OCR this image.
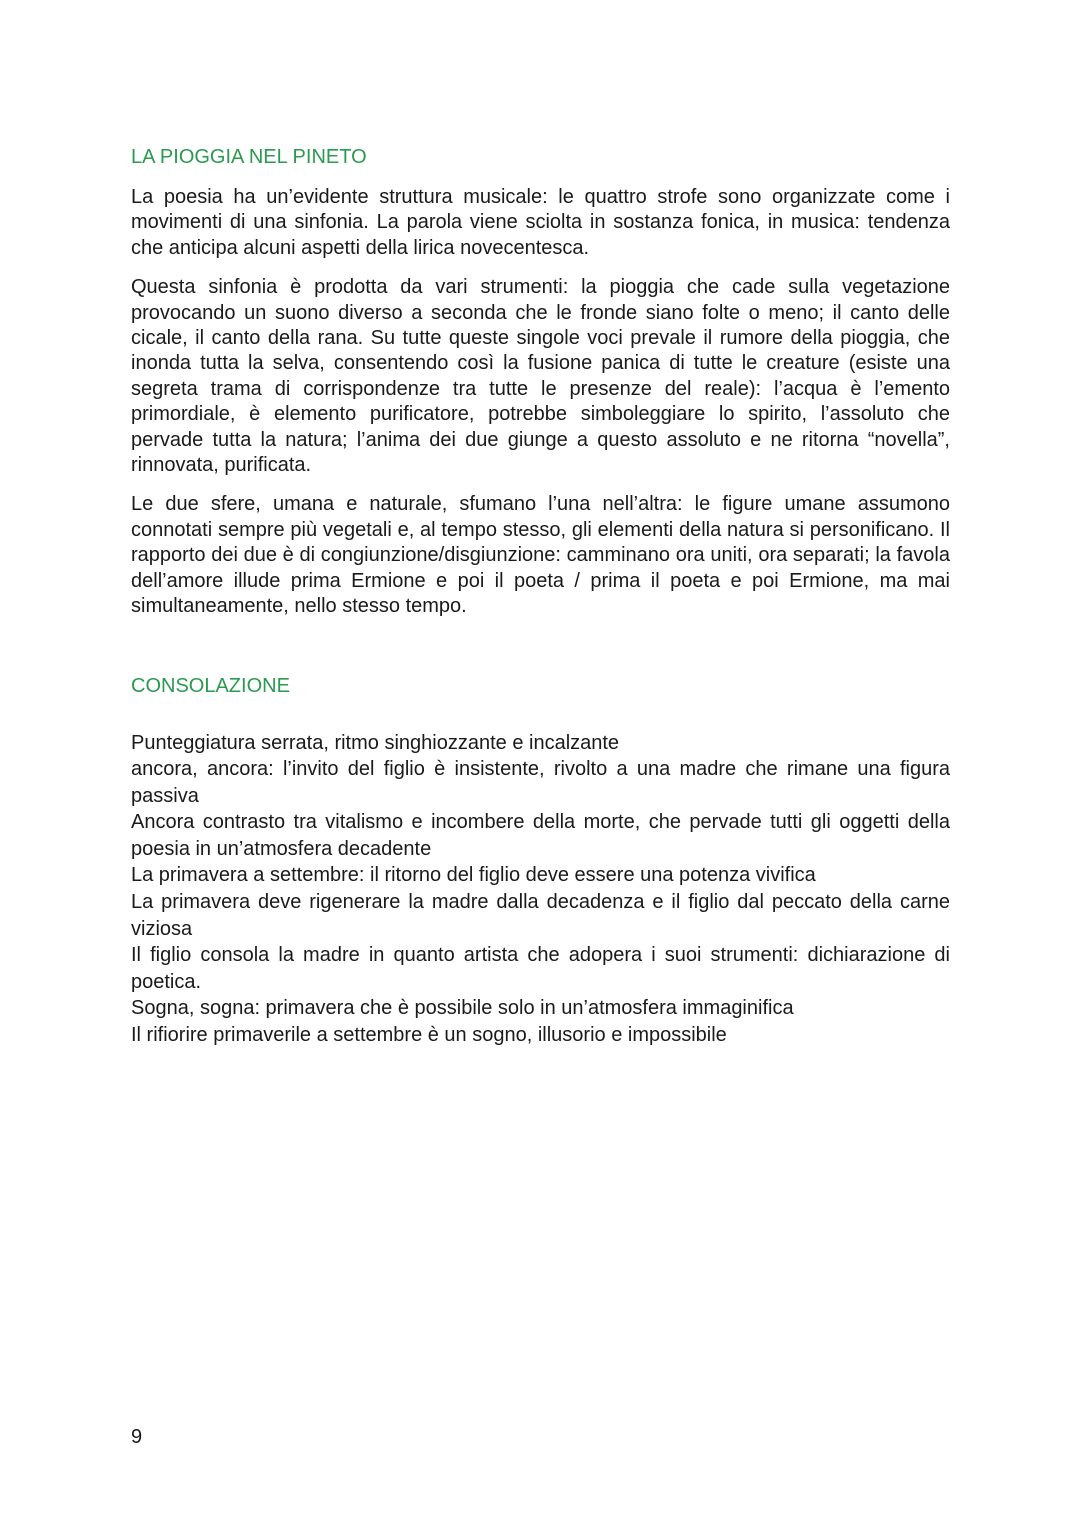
LA PIOGGIA NEL PINETO

La poesia ha un’evidente struttura musicale: le quattro strofe sono organizzate come i movimenti di una sinfonia. La parola viene sciolta in sostanza fonica, in musica: tendenza che anticipa alcuni aspetti della lirica novecentesca.

Questa sinfonia è prodotta da vari strumenti: la pioggia che cade sulla vegetazione provocando un suono diverso a seconda che le fronde siano folte o meno; il canto delle cicale, il canto della rana. Su tutte queste singole voci prevale il rumore della pioggia, che inonda tutta la selva, consentendo così la fusione panica di tutte le creature (esiste una segreta trama di corrispondenze tra tutte le presenze del reale): l’acqua è l’emento primordiale, è elemento purificatore, potrebbe simboleggiare lo spirito, l’assoluto che pervade tutta la natura; l’anima dei due giunge a questo assoluto e ne ritorna “novella”, rinnovata, purificata.

Le due sfere, umana e naturale, sfumano l’una nell’altra: le figure umane assumono connotati sempre più vegetali e, al tempo stesso, gli elementi della natura si personificano. Il rapporto dei due è di congiunzione/disgiunzione: camminano ora uniti, ora separati; la favola dell’amore illude prima Ermione e poi il poeta / prima il poeta e poi Ermione, ma mai simultaneamente, nello stesso tempo.

CONSOLAZIONE

Punteggiatura serrata, ritmo singhiozzante e incalzante

ancora, ancora: l’invito del figlio è insistente, rivolto a una madre che rimane una figura passiva

Ancora contrasto tra vitalismo e incombere della morte, che pervade tutti gli oggetti della poesia in un’atmosfera decadente

La primavera a settembre: il ritorno del figlio deve essere una potenza vivifica

La primavera deve rigenerare la madre dalla decadenza e il figlio dal peccato della carne viziosa

Il figlio consola la madre in quanto artista che adopera i suoi strumenti: dichiarazione di poetica.

Sogna, sogna: primavera che è possibile solo in un’atmosfera immaginifica

Il rifiorire primaverile a settembre è un sogno, illusorio e impossibile

9
